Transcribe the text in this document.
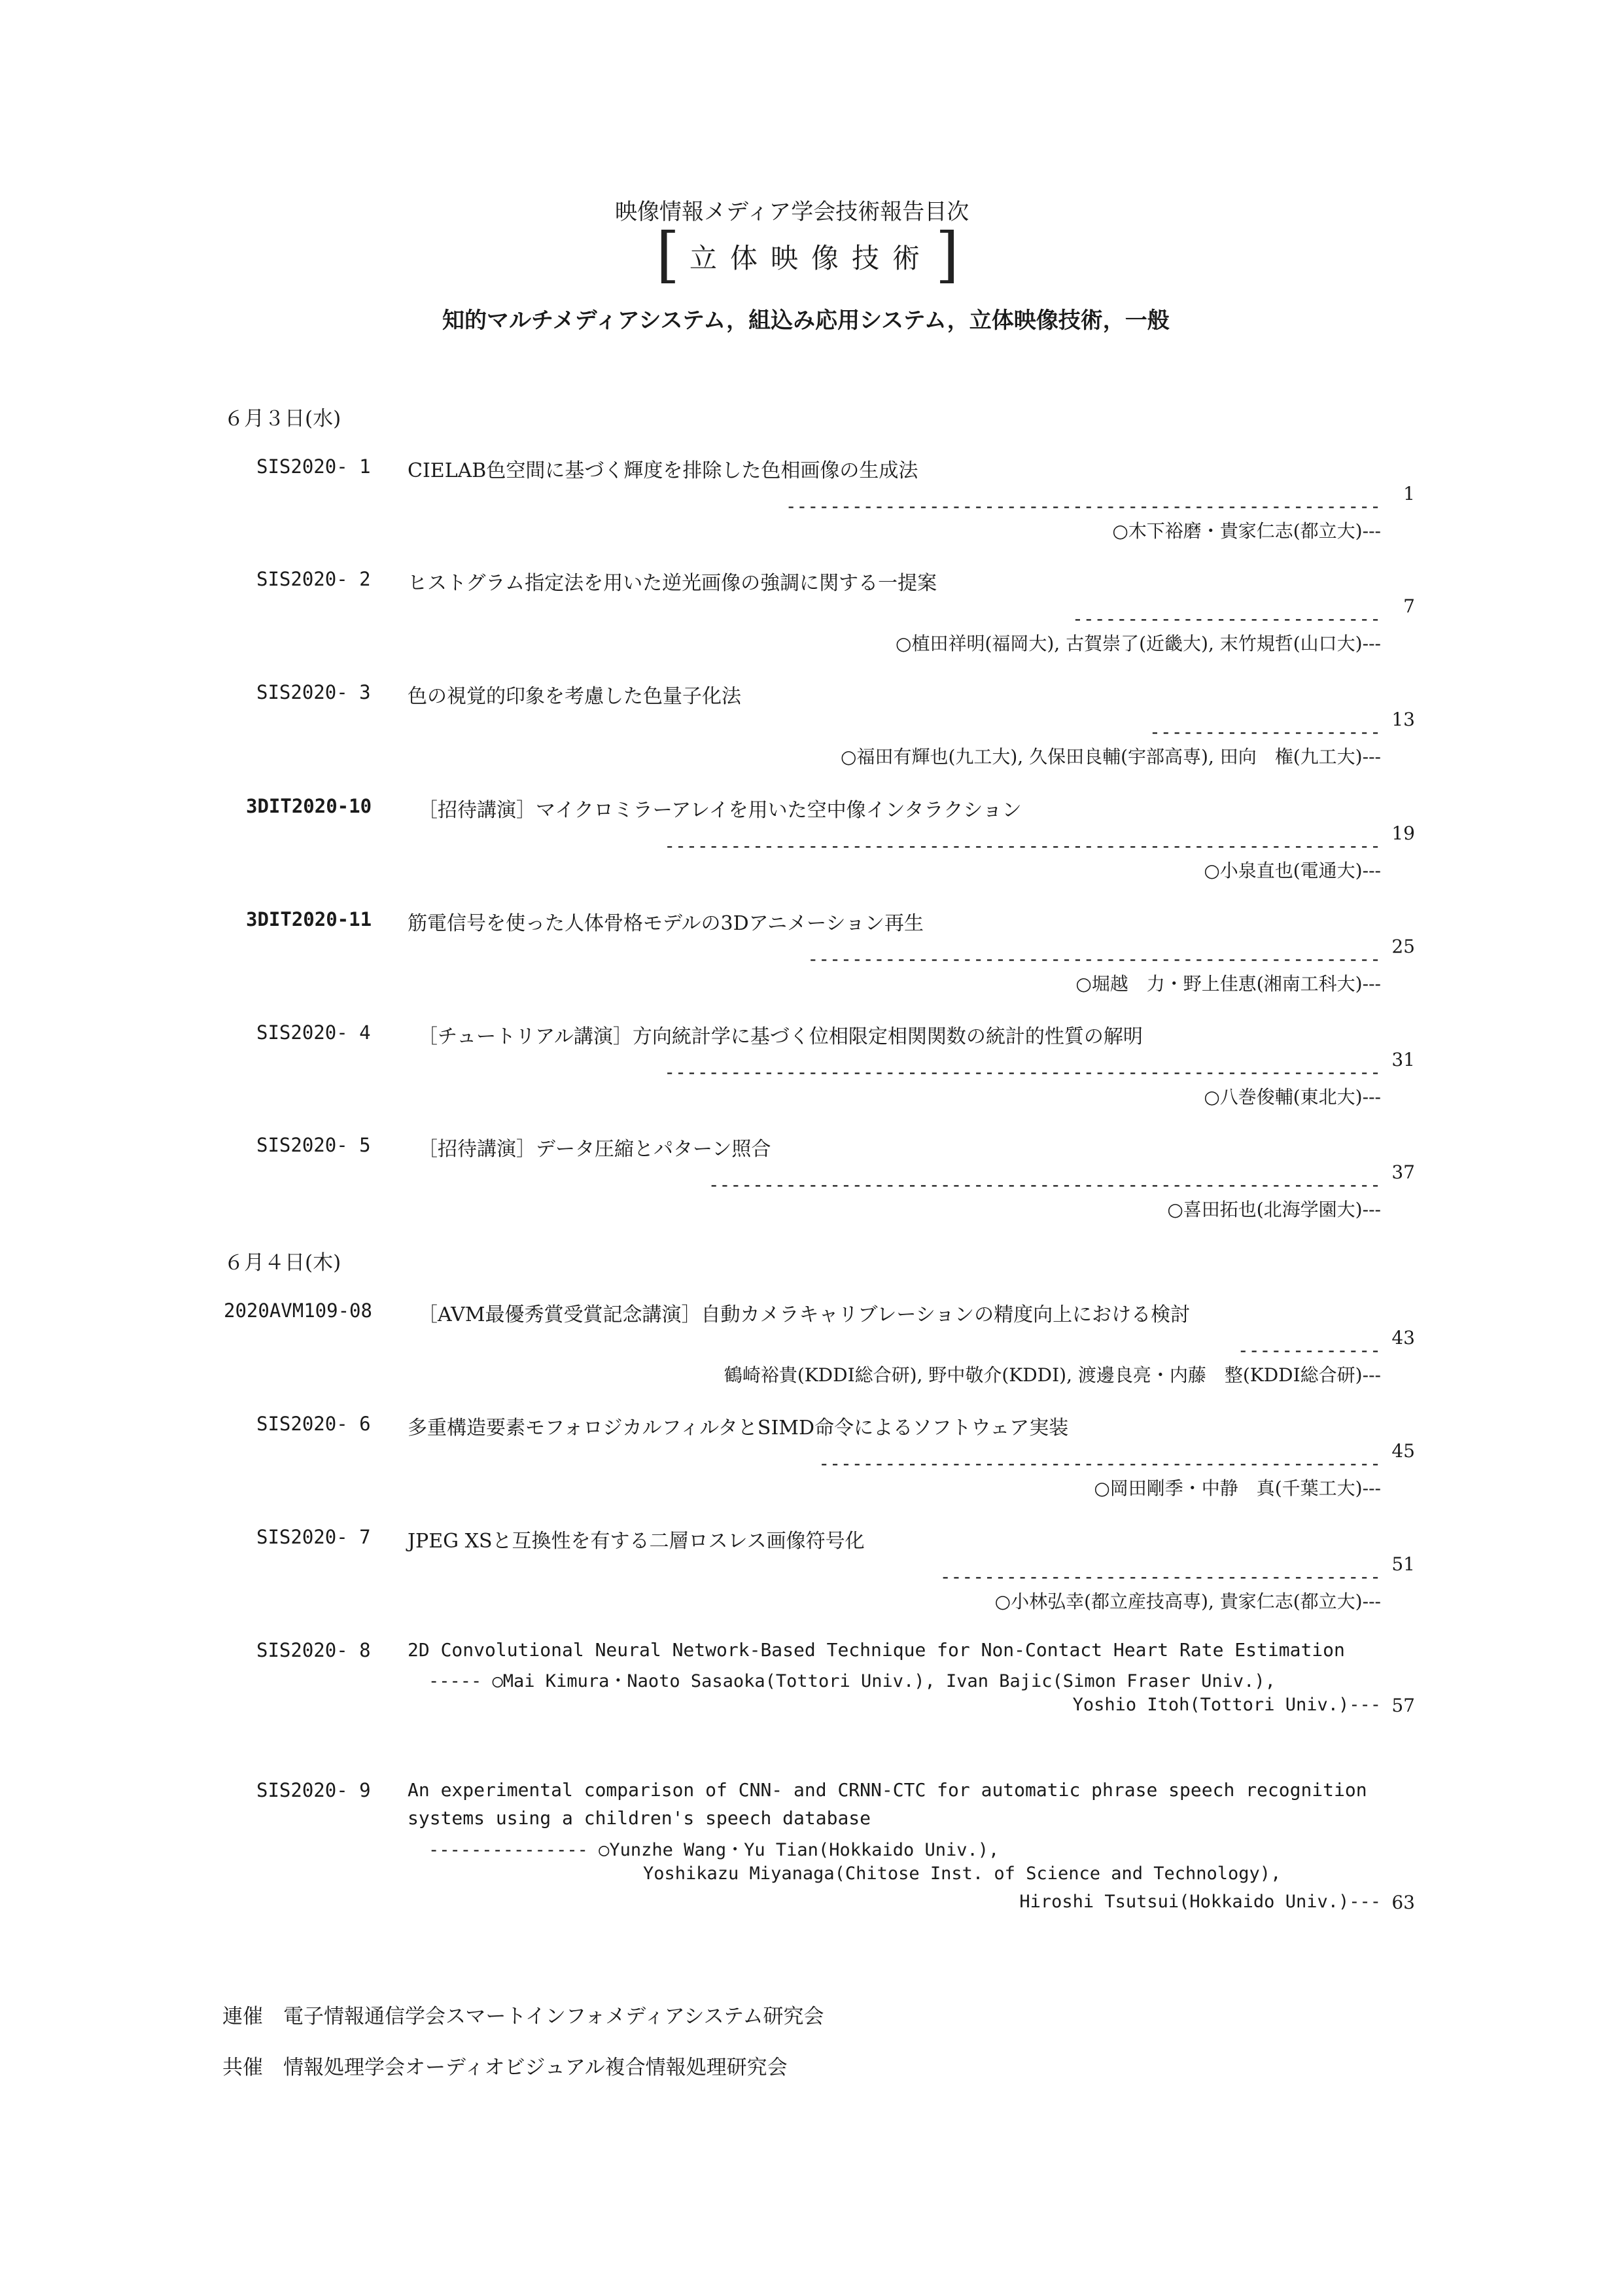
映像情報メディア学会技術報告目次
[ 立体映像技術 ]
知的マルチメディアシステム，組込み応用システム，立体映像技術，一般
６月３日(水)
SIS2020- 1 CIELAB色空間に基づく輝度を排除した色相画像の生成法

------------------------------------------------------
○木下裕磨・貴家仁志(都立大)---

1
SIS2020- 2 ヒストグラム指定法を用いた逆光画像の強調に関する一提案

----------------------------
○植田祥明(福岡大), 古賀崇了(近畿大), 末竹規哲(山口大)---

7
SIS2020- 3 色の視覚的印象を考慮した色量子化法

---------------------
○福田有輝也(九工大), 久保田良輔(宇部高専), 田向　権(九工大)---

13
3DIT2020-10 ［招待講演］マイクロミラーアレイを用いた空中像インタラクション

-----------------------------------------------------------------
○小泉直也(電通大)---

19
3DIT2020-11 筋電信号を使った人体骨格モデルの3Dアニメーション再生

----------------------------------------------------
○堀越　力・野上佳恵(湘南工科大)---

25
SIS2020- 4 ［チュートリアル講演］方向統計学に基づく位相限定相関関数の統計的性質の解明

-----------------------------------------------------------------
○八巻俊輔(東北大)---

31
SIS2020- 5 ［招待講演］データ圧縮とパターン照合

-------------------------------------------------------------
○喜田拓也(北海学園大)---

37
６月４日(木)
2020AVM109-08 ［AVM最優秀賞受賞記念講演］自動カメラキャリブレーションの精度向上における検討

-------------
鶴崎裕貴(KDDI総合研), 野中敬介(KDDI), 渡邊良亮・内藤　整(KDDI総合研)---

43
SIS2020- 6 多重構造要素モフォロジカルフィルタとSIMD命令によるソフトウェア実装

---------------------------------------------------
○岡田剛季・中静　真(千葉工大)---

45
SIS2020- 7 JPEG XSと互換性を有する二層ロスレス画像符号化

----------------------------------------
○小林弘幸(都立産技高専), 貴家仁志(都立大)---

51
SIS2020- 8 2D Convolutional Neural Network-Based Technique for Non-Contact Heart Rate Estimation
----- ○Mai Kimura・Naoto Sasaoka(Tottori Univ.), Ivan Bajic(Simon Fraser Univ.),
Yoshio Itoh(Tottori Univ.)--- 57
SIS2020- 9 An experimental comparison of CNN- and CRNN-CTC for automatic phrase speech recognition
systems using a children's speech database
--------------- ○Yunzhe Wang・Yu Tian(Hokkaido Univ.),
Yoshikazu Miyanaga(Chitose Inst. of Science and Technology),
Hiroshi Tsutsui(Hokkaido Univ.)--- 63
連催　電子情報通信学会スマートインフォメディアシステム研究会
共催　情報処理学会オーディオビジュアル複合情報処理研究会
